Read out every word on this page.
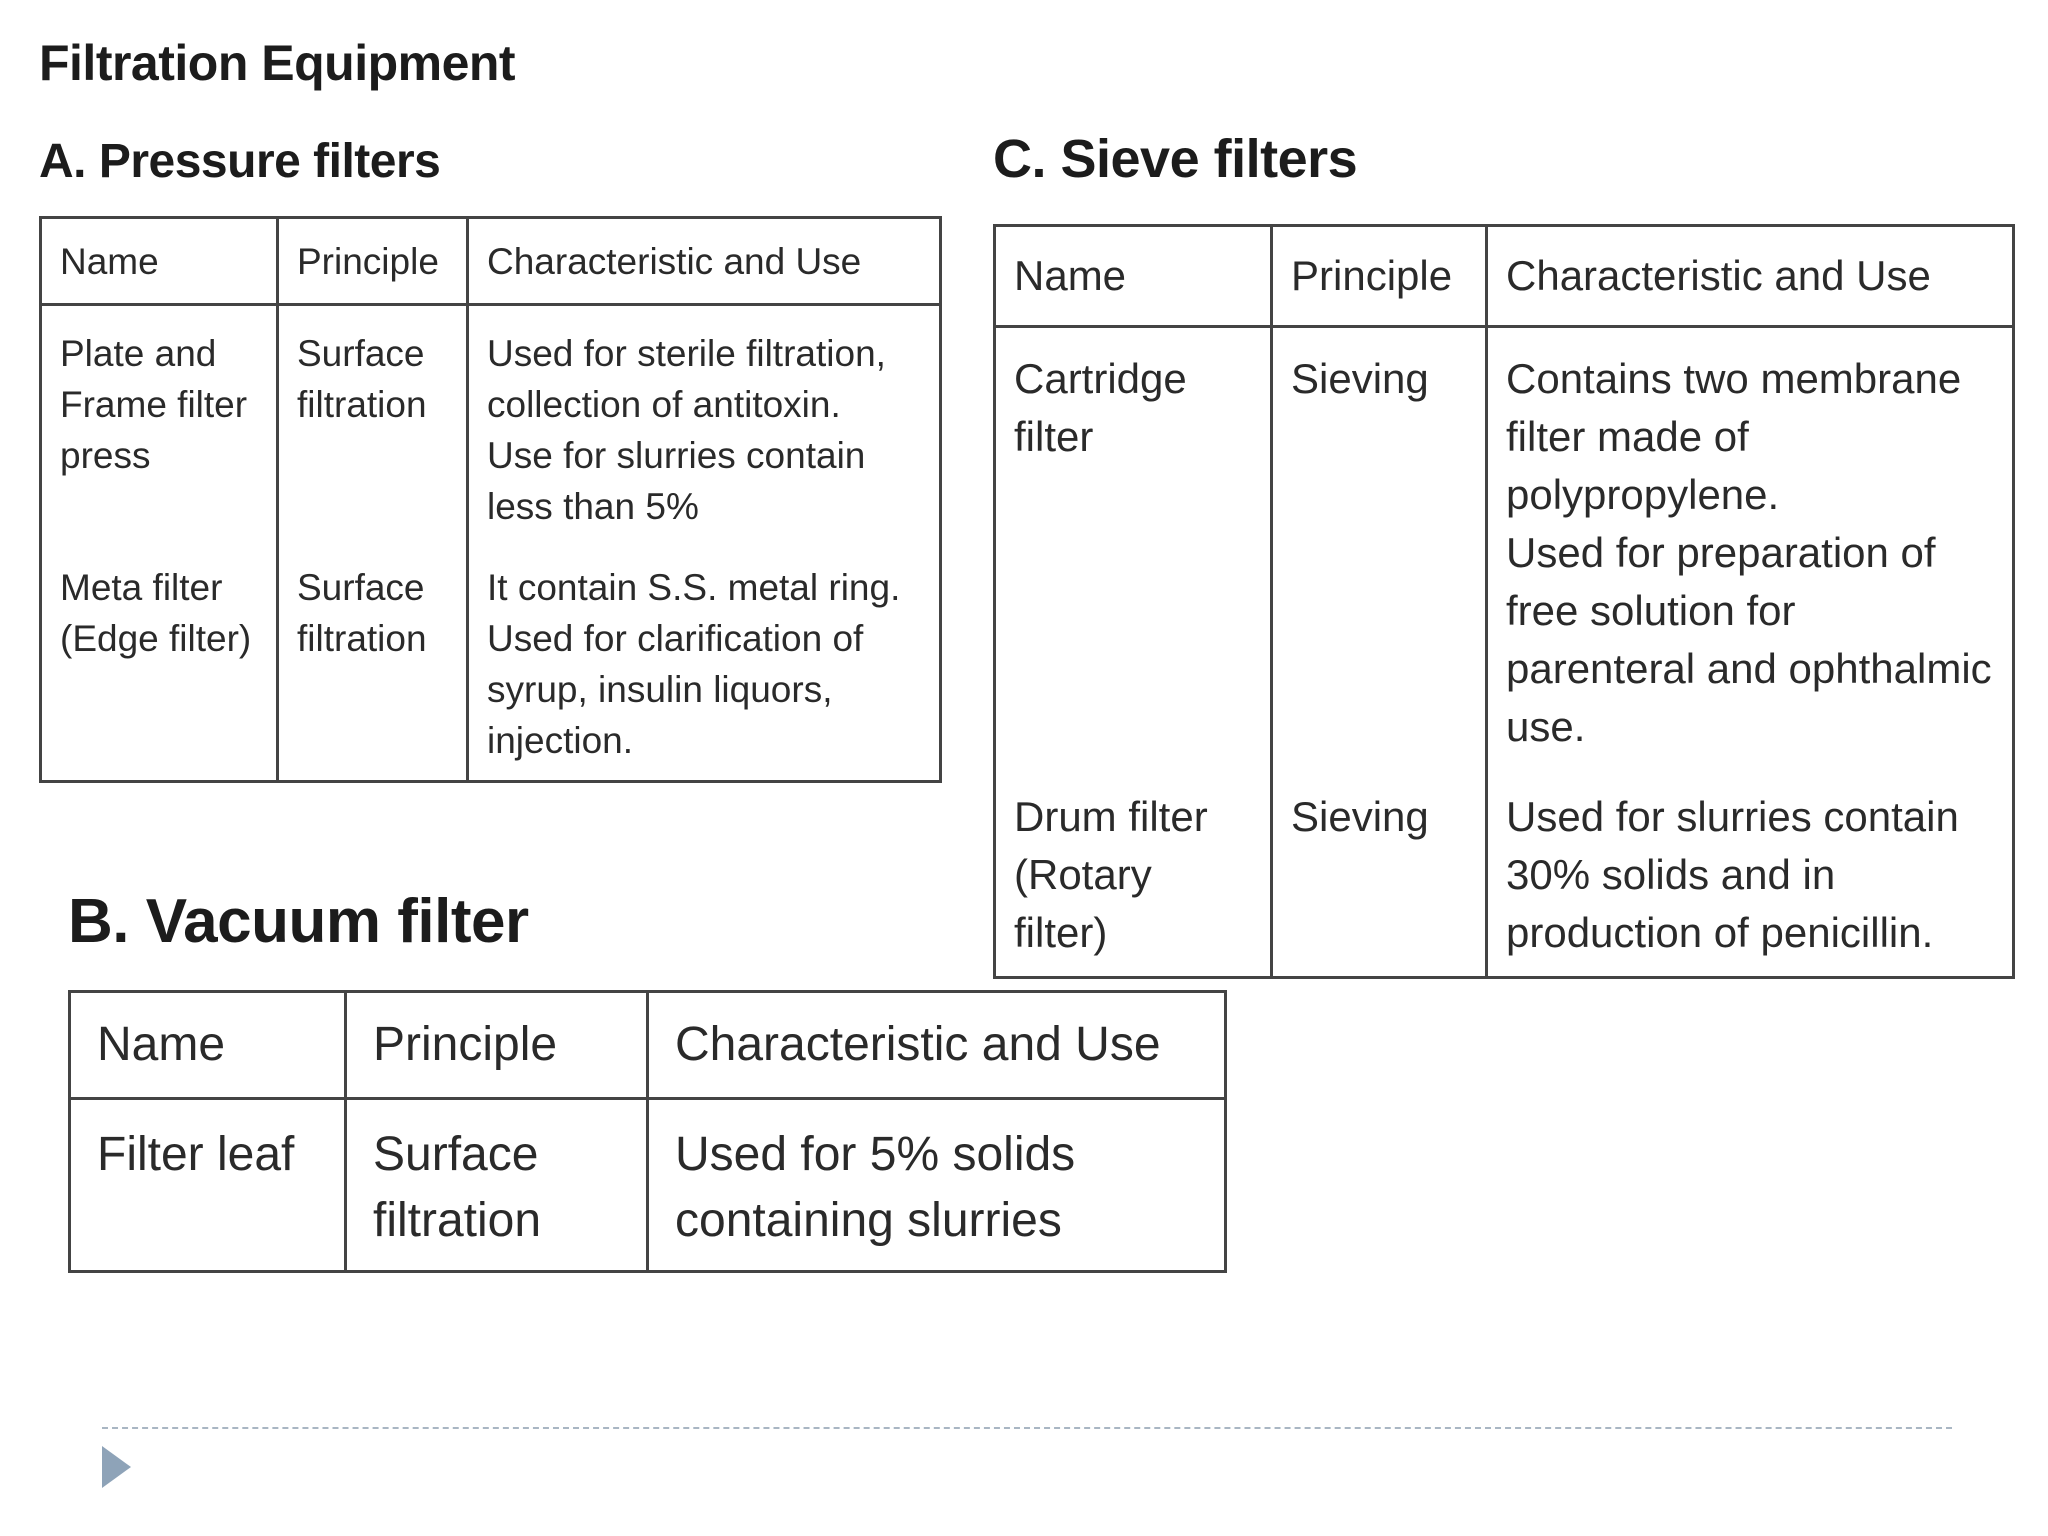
Filtration Equipment
A. Pressure filters
Name	Principle	Characteristic and Use
Plate and Frame filter press	Surface filtration	Used for sterile filtration, collection of antitoxin.
Use for slurries contain less than 5%

Meta filter (Edge filter)	Surface filtration	It contain S.S. metal ring.
Used for clarification of syrup, insulin liquors, injection.
C. Sieve filters
Name	Principle	Characteristic and Use
Cartridge filter	Sieving	Contains two membrane filter made of polypropylene.
Used for preparation of free solution for parenteral and ophthalmic use.

Drum filter (Rotary filter)	Sieving	Used for slurries contain 30% solids and in production of penicillin.
B. Vacuum filter
Name	Principle	Characteristic and Use
Filter leaf	Surface filtration	Used for 5% solids containing slurries
